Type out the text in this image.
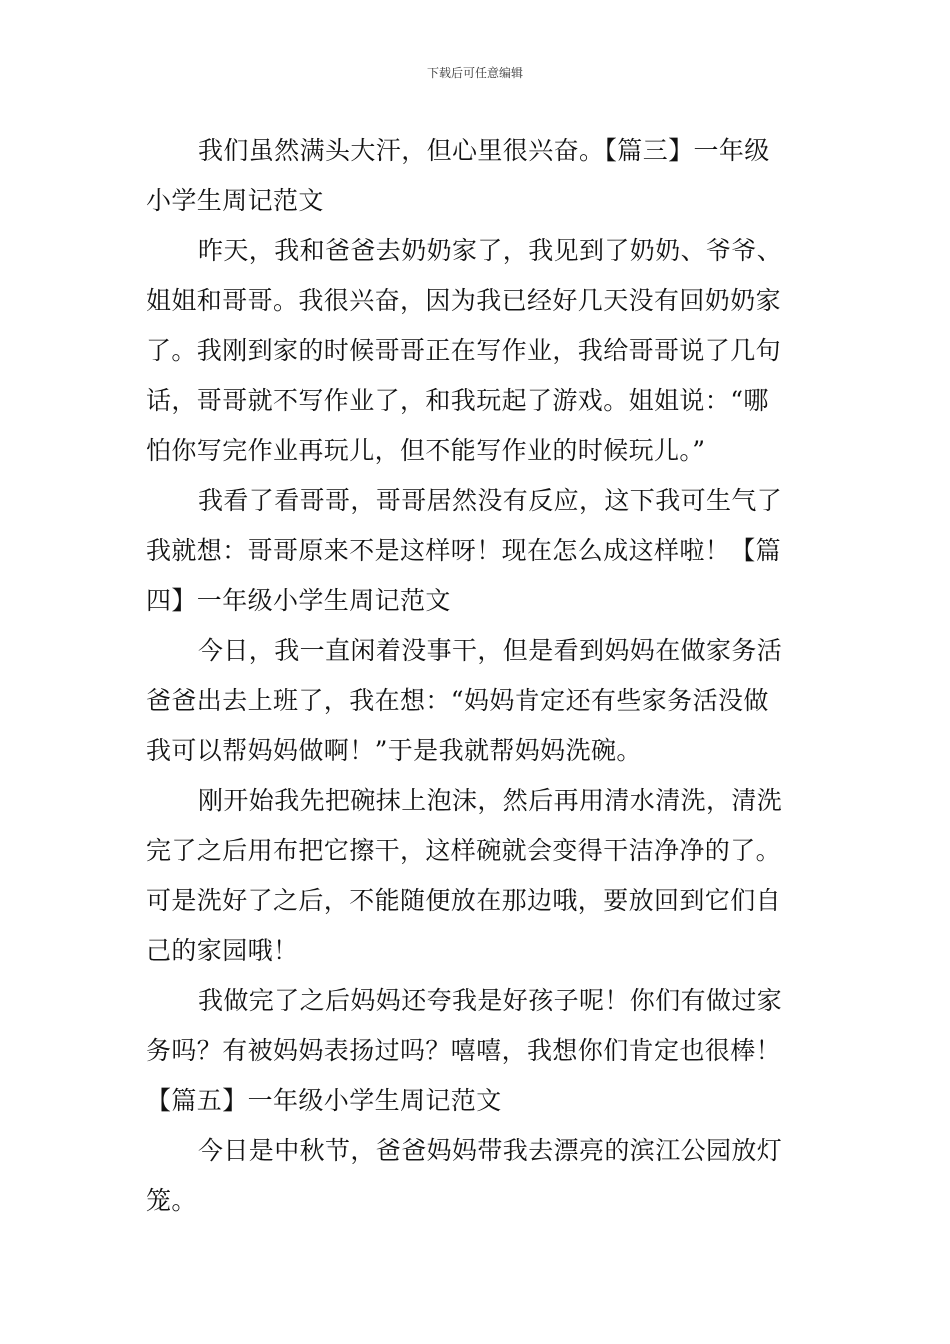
下载后可任意编辑
我们虽然满头大汗，但心里很兴奋。【篇三】一年级
小学生周记范文
昨天，我和爸爸去奶奶家了，我见到了奶奶、爷爷、
姐姐和哥哥。我很兴奋，因为我已经好几天没有回奶奶家
了。我刚到家的时候哥哥正在写作业，我给哥哥说了几句
话，哥哥就不写作业了，和我玩起了游戏。姐姐说：“哪
怕你写完作业再玩儿，但不能写作业的时候玩儿。”
我看了看哥哥，哥哥居然没有反应，这下我可生气了
我就想：哥哥原来不是这样呀！现在怎么成这样啦！【篇
四】一年级小学生周记范文
今日，我一直闲着没事干，但是看到妈妈在做家务活
爸爸出去上班了，我在想：“妈妈肯定还有些家务活没做
我可以帮妈妈做啊！”于是我就帮妈妈洗碗。
刚开始我先把碗抹上泡沫，然后再用清水清洗，清洗
完了之后用布把它擦干，这样碗就会变得干洁净净的了。
可是洗好了之后，不能随便放在那边哦，要放回到它们自
己的家园哦！
我做完了之后妈妈还夸我是好孩子呢！你们有做过家
务吗？有被妈妈表扬过吗？嘻嘻，我想你们肯定也很棒！
【篇五】一年级小学生周记范文
今日是中秋节，爸爸妈妈带我去漂亮的滨江公园放灯
笼。
